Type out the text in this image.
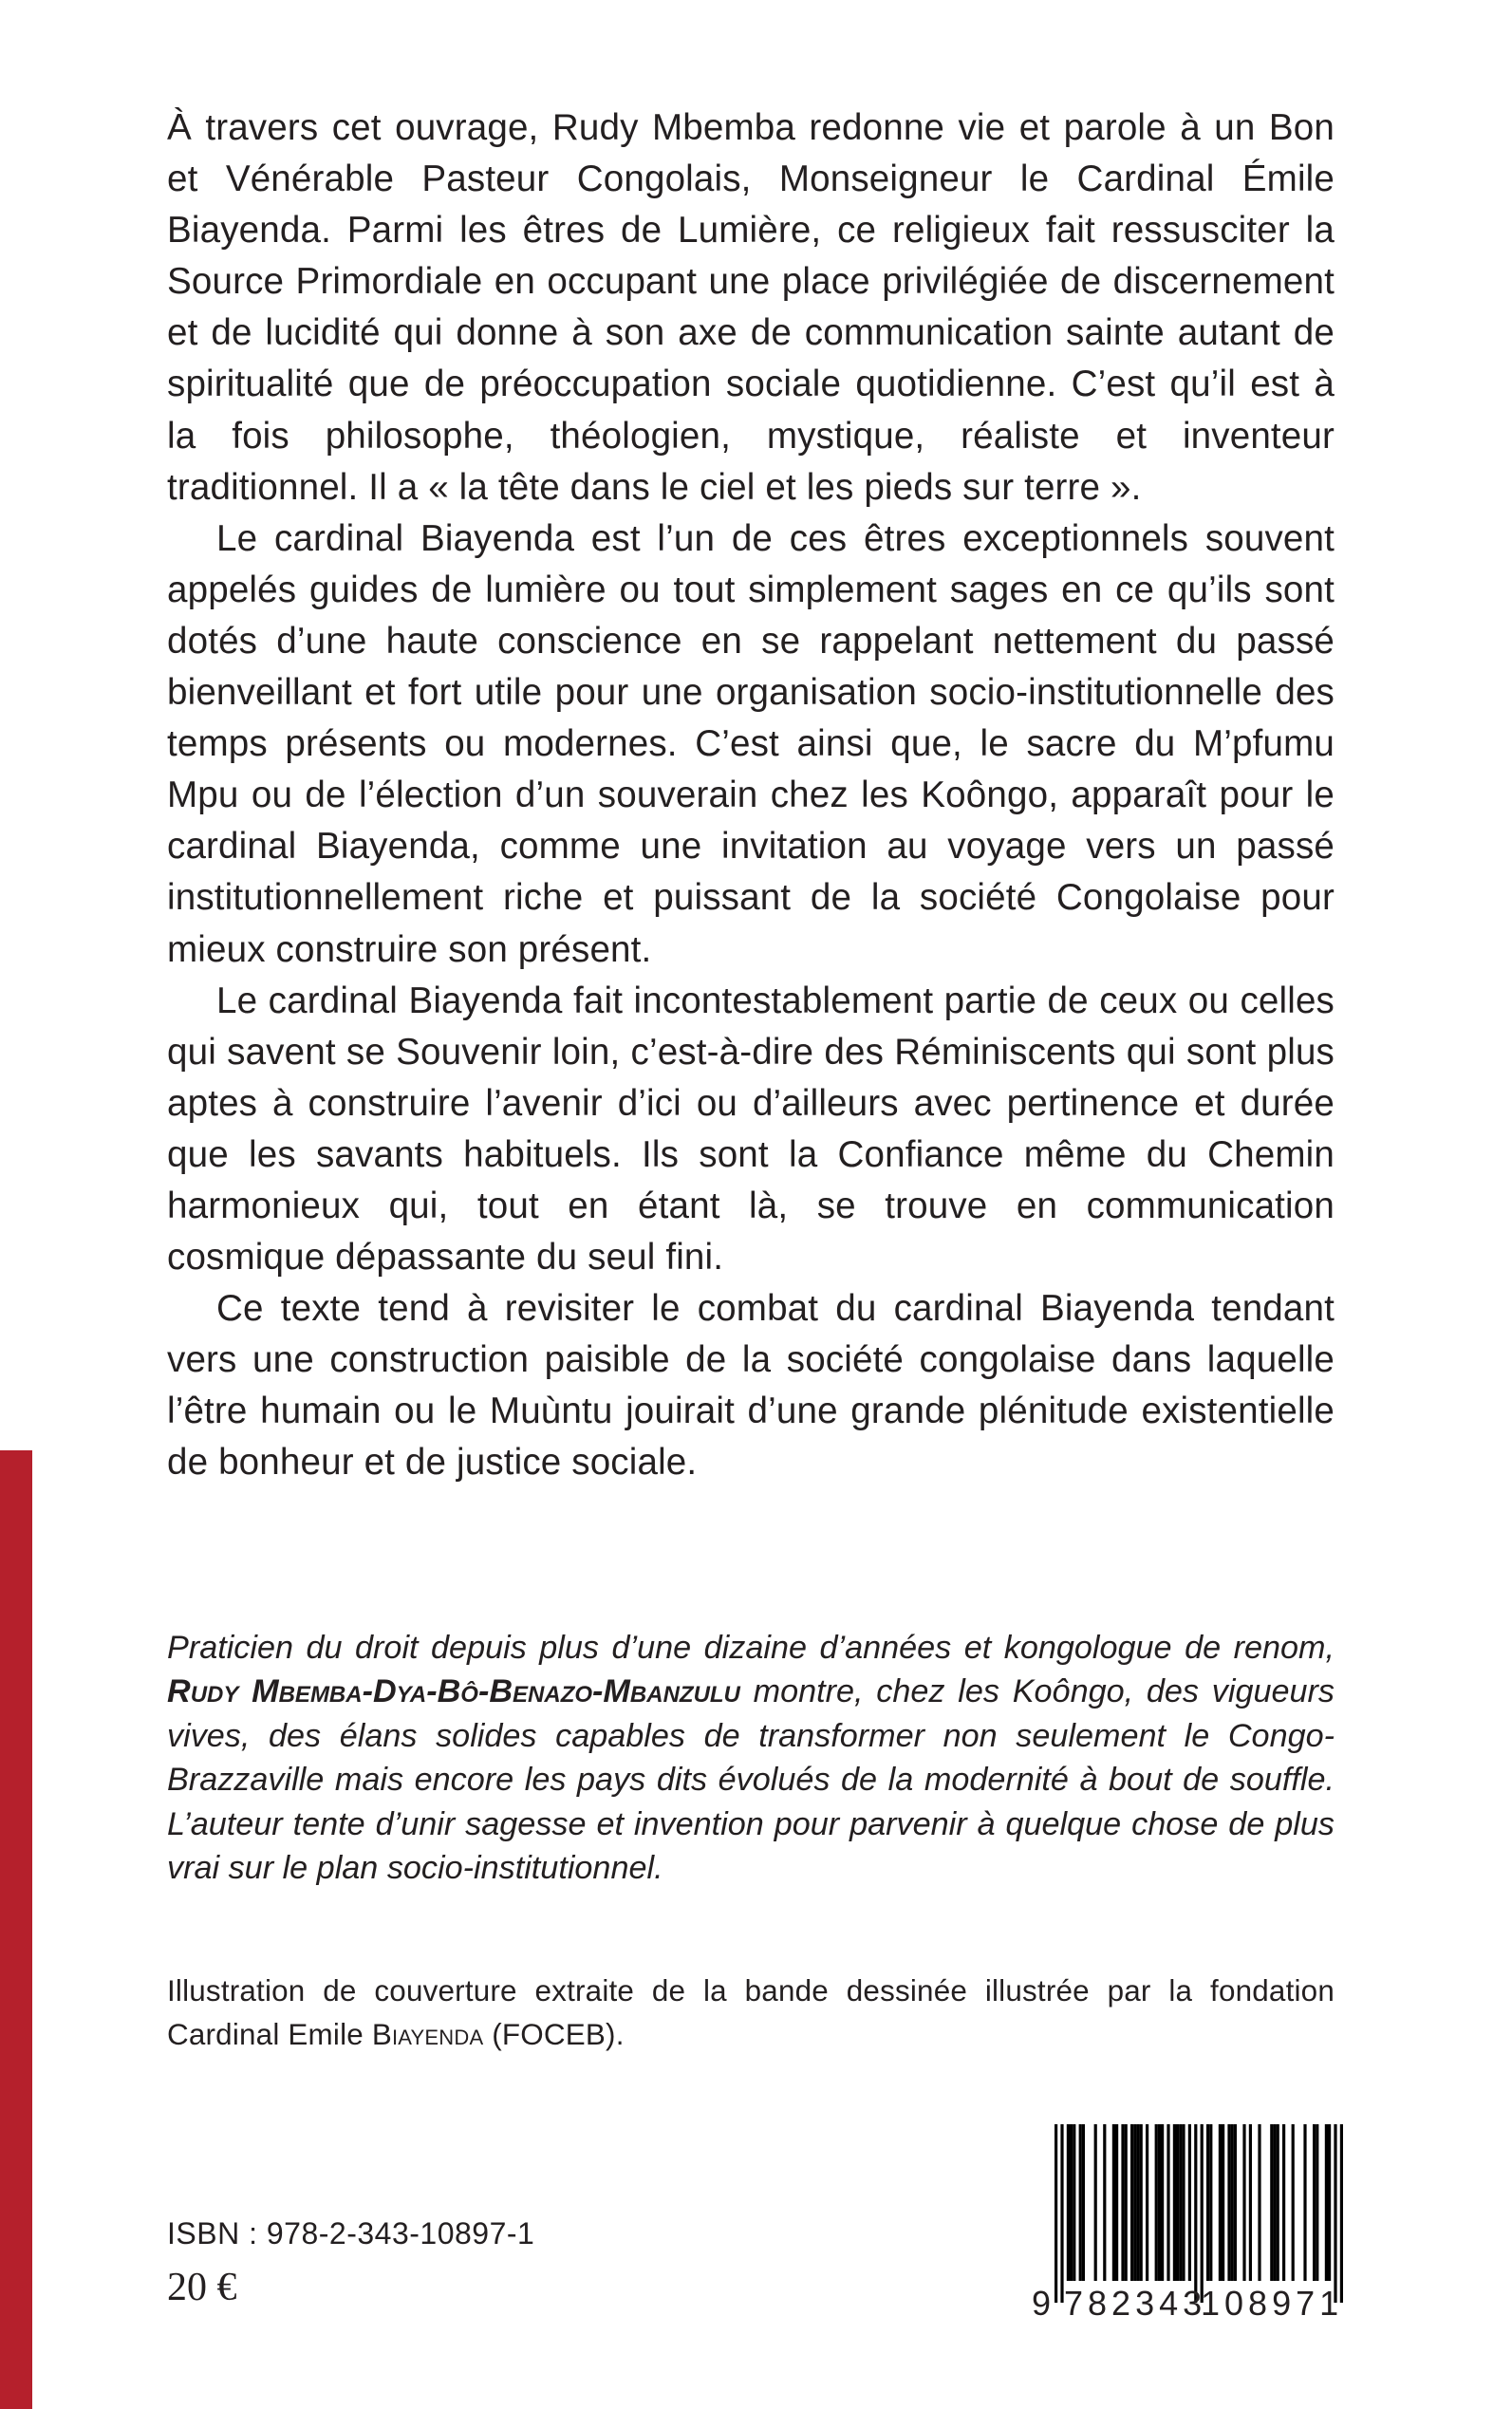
À travers cet ouvrage, Rudy Mbemba redonne vie et parole à un Bon et Vénérable Pasteur Congolais, Monseigneur le Cardinal Émile Biayenda. Parmi les êtres de Lumière, ce religieux fait ressusciter la Source Primordiale en occupant une place privilégiée de discernement et de lucidité qui donne à son axe de communication sainte autant de spiritualité que de préoccupation sociale quotidienne. C’est qu’il est à la fois philosophe, théologien, mystique, réaliste et inventeur traditionnel. Il a « la tête dans le ciel et les pieds sur terre ».

Le cardinal Biayenda est l’un de ces êtres exceptionnels souvent appelés guides de lumière ou tout simplement sages en ce qu’ils sont dotés d’une haute conscience en se rappelant nettement du passé bienveillant et fort utile pour une organisation socio-institutionnelle des temps présents ou modernes. C’est ainsi que, le sacre du M’pfumu Mpu ou de l’élection d’un souverain chez les Koôngo, apparaît pour le cardinal Biayenda, comme une invitation au voyage vers un passé institutionnellement riche et puissant de la société Congolaise pour mieux construire son présent.

Le cardinal Biayenda fait incontestablement partie de ceux ou celles qui savent se Souvenir loin, c’est-à-dire des Réminiscents qui sont plus aptes à construire l’avenir d’ici ou d’ailleurs avec pertinence et durée que les savants habituels. Ils sont la Confiance même du Chemin harmonieux qui, tout en étant là, se trouve en communication cosmique dépassante du seul fini.

Ce texte tend à revisiter le combat du cardinal Biayenda tendant vers une construction paisible de la société congolaise dans laquelle l’être humain ou le Muùntu jouirait d’une grande plénitude existentielle de bonheur et de justice sociale.

Praticien du droit depuis plus d’une dizaine d’années et kongologue de renom, Rudy Mbemba-Dya-Bô-Benazo-Mbanzulu montre, chez les Koôngo, des vigueurs vives, des élans solides capables de transformer non seulement le Congo-Brazzaville mais encore les pays dits évolués de la modernité à bout de souffle. L’auteur tente d’unir sagesse et invention pour parvenir à quelque chose de plus vrai sur le plan socio-institutionnel.

Illustration de couverture extraite de la bande dessinée illustrée par la fondation Cardinal Emile Biayenda (FOCEB).

ISBN : 978-2-343-10897-1
20 €	9 782343
108971
